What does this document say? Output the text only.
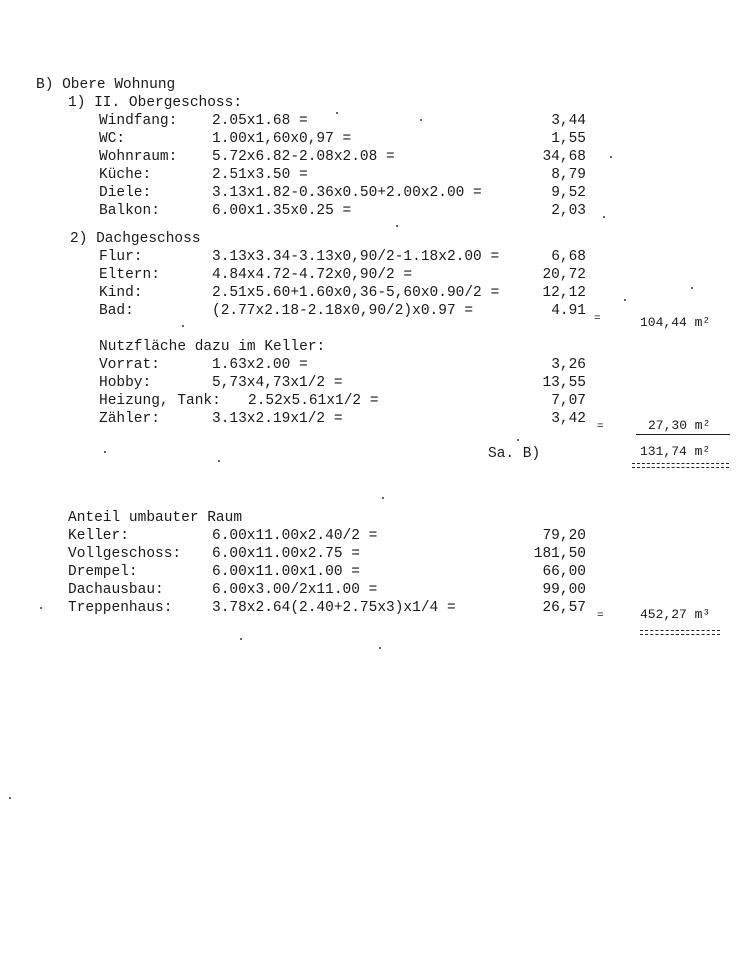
B) Obere Wohnung
1) II. Obergeschoss:
Windfang: 2.05x1.68 =	3,44
WC:	1.00x1,60x0,97 =	1,55
Wohnraum: 5.72x6.82-2.08x2.08 =	34,68
Küche:	2.51x3.50 =	8,79
Diele:	3.13x1.82-0.36x0.50+2.00x2.00 =	9,52
Balkon:	6.00x1.35x0.25 =	2,03
2) Dachgeschoss
Flur:	3.13x3.34-3.13x0,90/2-1.18x2.00 =	6,68
Eltern:	4.84x4.72-4.72x0,90/2 =	20,72
Kind:	2.51x5.60+1.60x0,36-5,60x0.90/2 =	12,12
Bad:	(2.77x2.18-2.18x0,90/2)x0.97 =	4.91 =	104,44 m²
Nutzfläche dazu im Keller:
Vorrat:	1.63x2.00 =	3,26
Hobby:	5,73x4,73x1/2 =	13,55
Heizung, Tank: 2.52x5.61x1/2 =	7,07
Zähler:	3.13x2.19x1/2 =	3,42 =	27,30 m²
Sa. B)	131,74 m²
Anteil umbauter Raum
Keller:	6.00x11.00x2.40/2 =	79,20
Vollgeschoss: 6.00x11.00x2.75 =	181,50
Drempel:	6.00x11.00x1.00 =	66,00
Dachausbau:	6.00x3.00/2x11.00 =	99,00
Treppenhaus:	3.78x2.64(2.40+2.75x3)x1/4 =	26,57 =	452,27 m³
